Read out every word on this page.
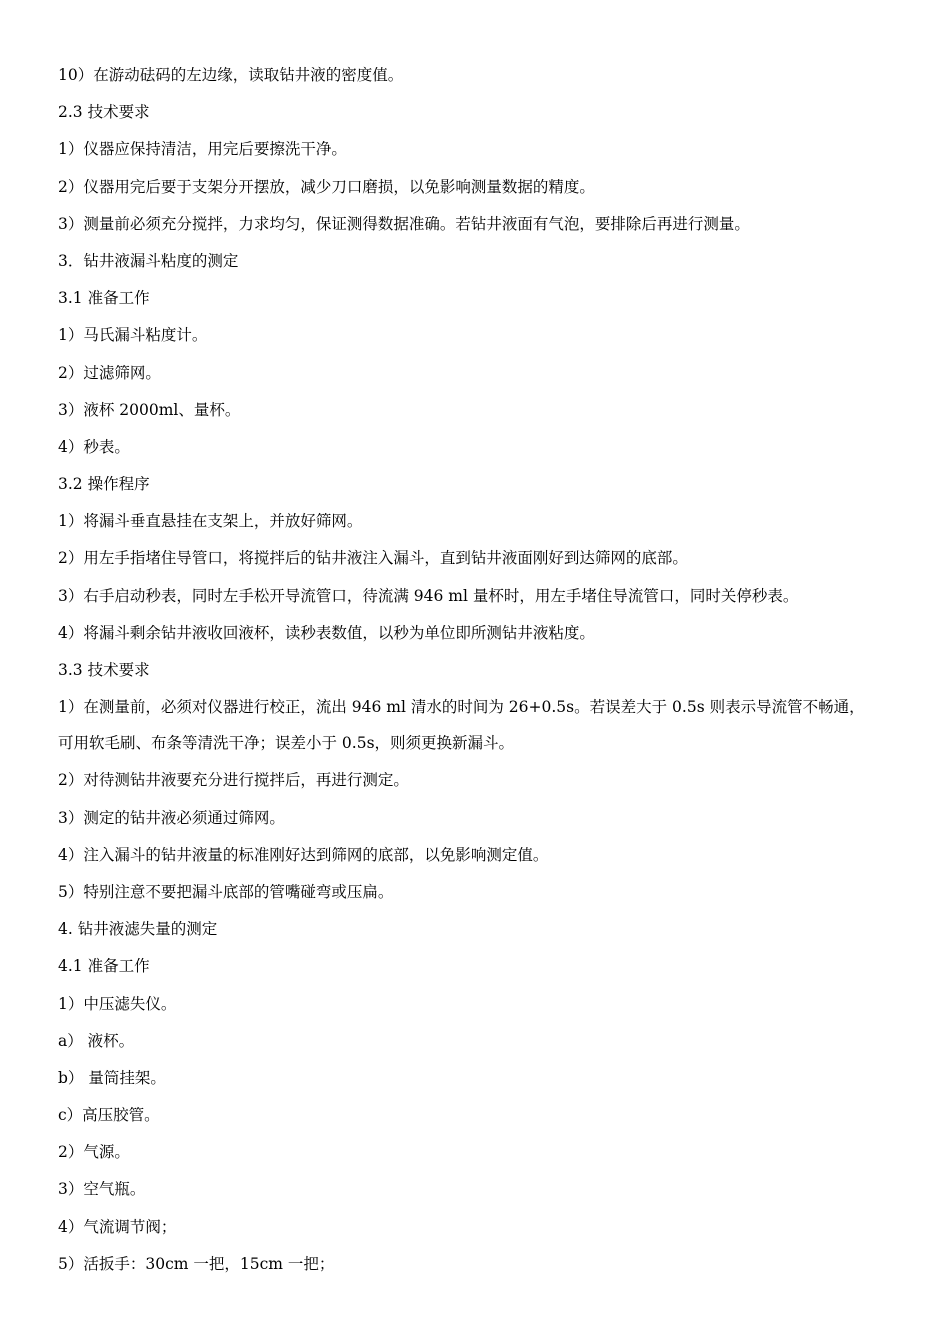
10）在游动砝码的左边缘，读取钻井液的密度值。
2.3 技术要求
1）仪器应保持清洁，用完后要擦洗干净。
2）仪器用完后要于支架分开摆放，减少刀口磨损，以免影响测量数据的精度。
3）测量前必须充分搅拌，力求均匀，保证测得数据准确。若钻井液面有气泡，要排除后再进行测量。
3．钻井液漏斗粘度的测定
3.1 准备工作
1）马氏漏斗粘度计。
2）过滤筛网。
3）液杯 2000ml、量杯。
4）秒表。
3.2 操作程序
1）将漏斗垂直悬挂在支架上，并放好筛网。
2）用左手指堵住导管口，将搅拌后的钻井液注入漏斗，直到钻井液面刚好到达筛网的底部。
3）右手启动秒表，同时左手松开导流管口，待流满 946 ml 量杯时，用左手堵住导流管口，同时关停秒表。
4）将漏斗剩余钻井液收回液杯，读秒表数值，以秒为单位即所测钻井液粘度。
3.3 技术要求
1）在测量前，必须对仪器进行校正，流出 946 ml 清水的时间为 26+0.5s。若误差大于 0.5s 则表示导流管不畅通，
可用软毛刷、布条等清洗干净；误差小于 0.5s，则须更换新漏斗。
2）对待测钻井液要充分进行搅拌后，再进行测定。
3）测定的钻井液必须通过筛网。
4）注入漏斗的钻井液量的标准刚好达到筛网的底部，以免影响测定值。
5）特别注意不要把漏斗底部的管嘴碰弯或压扁。
4. 钻井液滤失量的测定
4.1 准备工作
1）中压滤失仪。
a） 液杯。
b） 量筒挂架。
c）高压胶管。
2）气源。
3）空气瓶。
4）气流调节阀；
5）活扳手：30cm 一把，15cm 一把；
